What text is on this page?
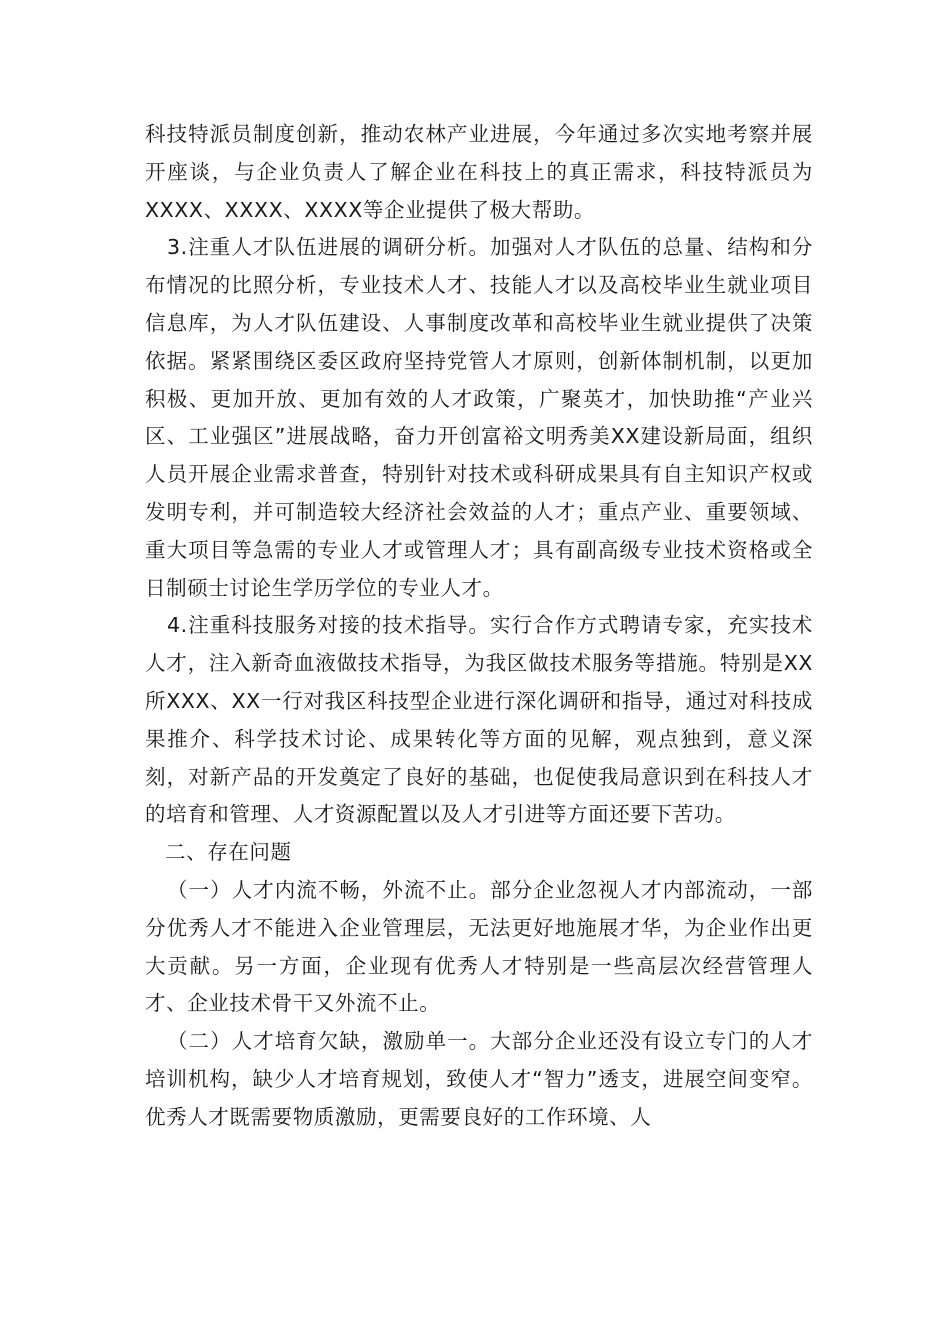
科技特派员制度创新，推动农林产业进展，今年通过多次实地考察并展开座谈，与企业负责人了解企业在科技上的真正需求，科技特派员为XXXX、XXXX、XXXX等企业提供了极大帮助。

3.注重人才队伍进展的调研分析。加强对人才队伍的总量、结构和分布情况的比照分析，专业技术人才、技能人才以及高校毕业生就业项目信息库，为人才队伍建设、人事制度改革和高校毕业生就业提供了决策依据。紧紧围绕区委区政府坚持党管人才原则，创新体制机制，以更加积极、更加开放、更加有效的人才政策，广聚英才，加快助推“产业兴区、工业强区”进展战略，奋力开创富裕文明秀美XX建设新局面，组织人员开展企业需求普查，特别针对技术或科研成果具有自主知识产权或发明专利，并可制造较大经济社会效益的人才；重点产业、重要领域、重大项目等急需的专业人才或管理人才；具有副高级专业技术资格或全日制硕士讨论生学历学位的专业人才。

4.注重科技服务对接的技术指导。实行合作方式聘请专家，充实技术人才，注入新奇血液做技术指导，为我区做技术服务等措施。特别是XX所XXX、XX一行对我区科技型企业进行深化调研和指导，通过对科技成果推介、科学技术讨论、成果转化等方面的见解，观点独到，意义深刻，对新产品的开发奠定了良好的基础，也促使我局意识到在科技人才的培育和管理、人才资源配置以及人才引进等方面还要下苦功。

二、存在问题

（一）人才内流不畅，外流不止。部分企业忽视人才内部流动，一部分优秀人才不能进入企业管理层，无法更好地施展才华，为企业作出更大贡献。另一方面，企业现有优秀人才特别是一些高层次经营管理人才、企业技术骨干又外流不止。

（二）人才培育欠缺，激励单一。大部分企业还没有设立专门的人才培训机构，缺少人才培育规划，致使人才“智力”透支，进展空间变窄。优秀人才既需要物质激励，更需要良好的工作环境、人
